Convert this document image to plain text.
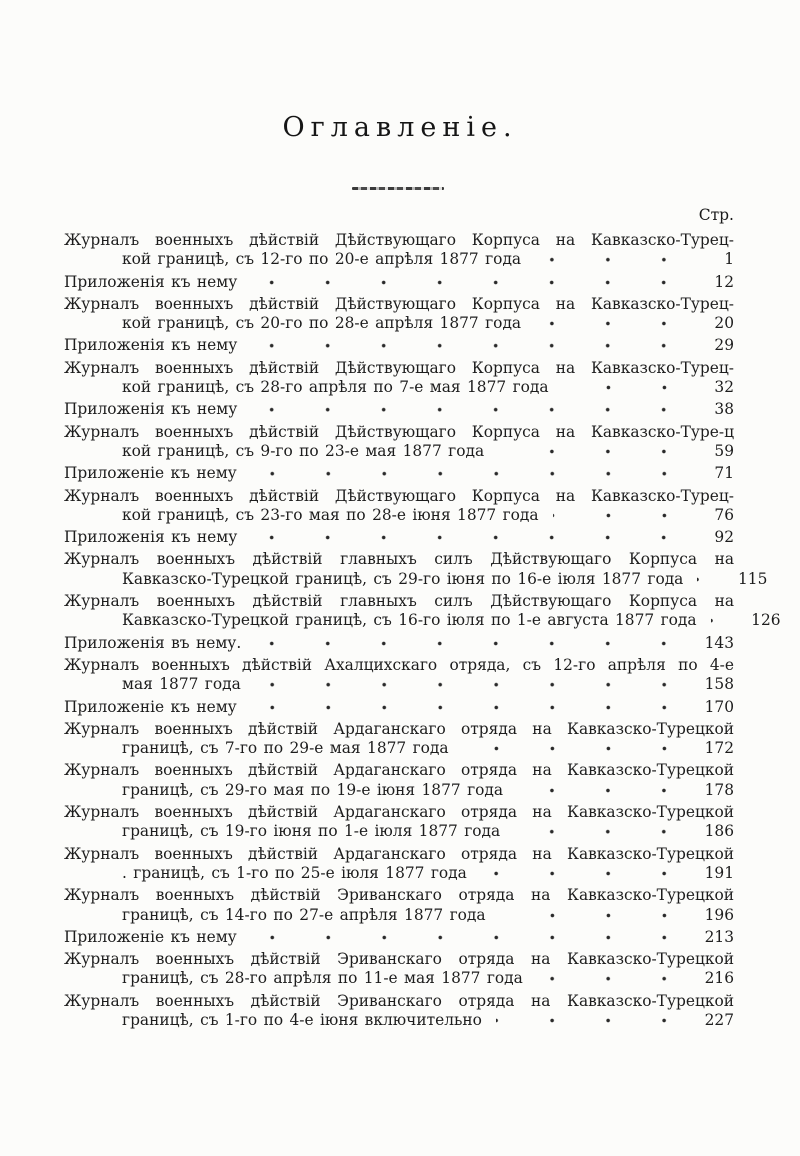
Оглавленіе.
Стр.
Журналъ военныхъ дѣйствій Дѣйствующаго Корпуса на Кавказско-Турец-
кой границѣ, съ 12-го по 20-е апрѣля 1877 года	1
Приложенія къ нему	12
Журналъ военныхъ дѣйствій Дѣйствующаго Корпуса на Кавказско-Турец-
кой границѣ, съ 20-го по 28-е апрѣля 1877 года	20
Приложенія къ нему	29
Журналъ военныхъ дѣйствій Дѣйствующаго Корпуса на Кавказско-Турец-
кой границѣ, съ 28-го апрѣля по 7-е мая 1877 года	32
Приложенія къ нему	38
Журналъ военныхъ дѣйствій Дѣйствующаго Корпуса на Кавказско-Туре-ц
кой границѣ, съ 9-го по 23-е мая 1877 года	59
Приложеніе къ нему	71
Журналъ военныхъ дѣйствій Дѣйствующаго Корпуса на Кавказско-Турец-
кой границѣ, съ 23-го мая по 28-е іюня 1877 года	76
Приложенія къ нему	92
Журналъ военныхъ дѣйствій главныхъ силъ Дѣйствующаго Корпуса на
Кавказско-Турецкой границѣ, съ 29-го іюня по 16-е іюля 1877 года	115
Журналъ военныхъ дѣйствій главныхъ силъ Дѣйствующаго Корпуса на
Кавказско-Турецкой границѣ, съ 16-го іюля по 1-е августа 1877 года	126
Приложенія въ нему.	143
Журналъ военныхъ дѣйствій Ахалцихскаго отряда, съ 12-го апрѣля по 4-е
мая 1877 года	158
Приложеніе къ нему	170
Журналъ военныхъ дѣйствій Ардаганскаго отряда на Кавказско-Турецкой
границѣ, съ 7-го по 29-е мая 1877 года	172
Журналъ военныхъ дѣйствій Ардаганскаго отряда на Кавказско-Турецкой
границѣ, съ 29-го мая по 19-е іюня 1877 года	178
Журналъ военныхъ дѣйствій Ардаганскаго отряда на Кавказско-Турецкой
границѣ, съ 19-го іюня по 1-е іюля 1877 года	186
Журналъ военныхъ дѣйствій Ардаганскаго отряда на Кавказско-Турецкой
. границѣ, съ 1-го по 25-е іюля 1877 года	191
Журналъ военныхъ дѣйствій Эриванскаго отряда на Кавказско-Турецкой
границѣ, съ 14-го по 27-е апрѣля 1877 года	196
Приложеніе къ нему	213
Журналъ военныхъ дѣйствій Эриванскаго отряда на Кавказско-Турецкой
границѣ, съ 28-го апрѣля по 11-е мая 1877 года	216
Журналъ военныхъ дѣйствій Эриванскаго отряда на Кавказско-Турецкой
границѣ, съ 1-го по 4-е іюня включительно	227
